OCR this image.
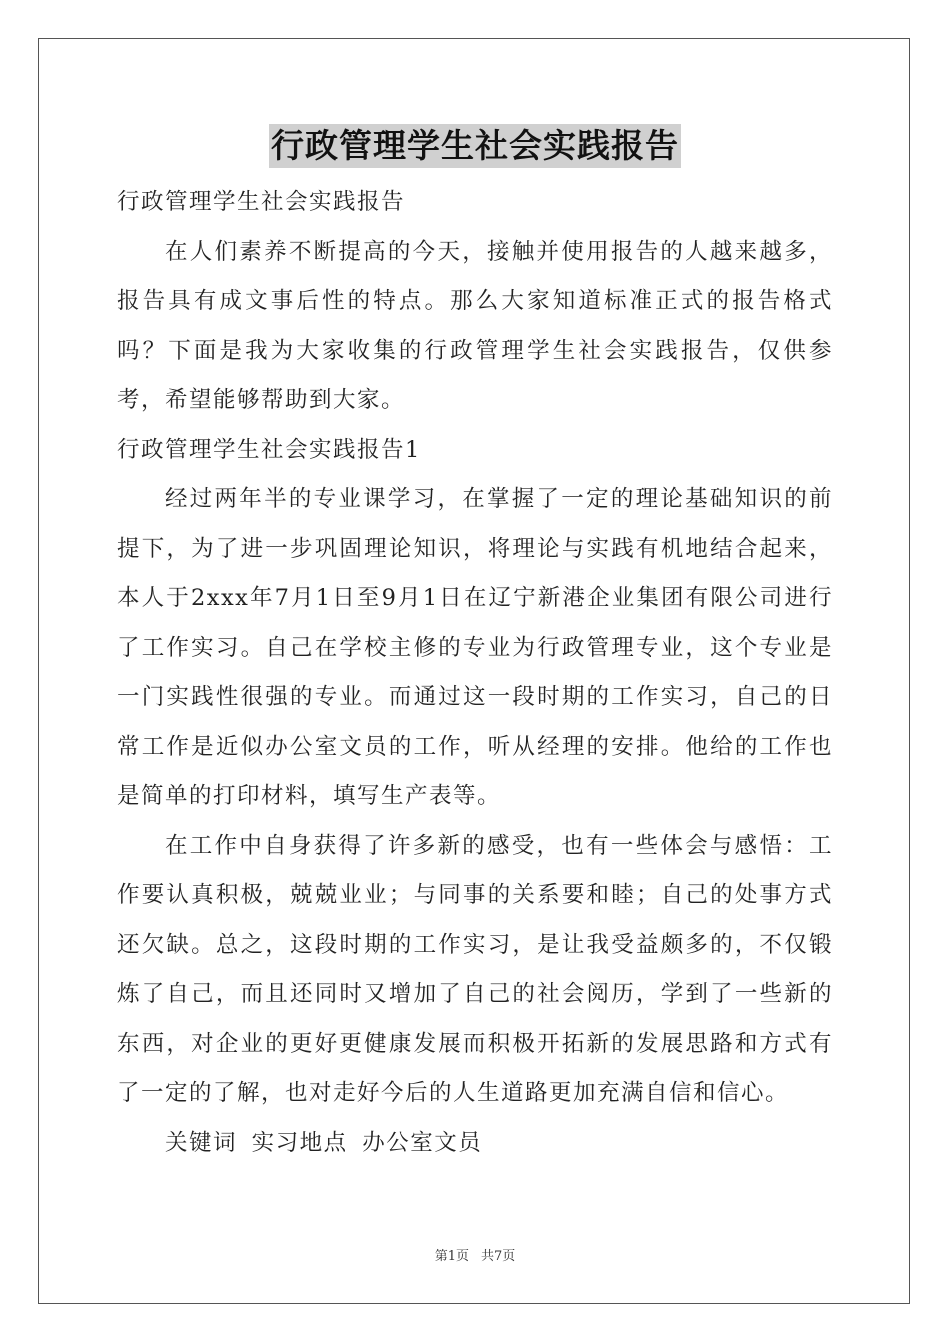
行政管理学生社会实践报告

行政管理学生社会实践报告

在人们素养不断提高的今天，接触并使用报告的人越来越多，报告具有成文事后性的特点。那么大家知道标准正式的报告格式吗？下面是我为大家收集的行政管理学生社会实践报告，仅供参考，希望能够帮助到大家。

行政管理学生社会实践报告1

经过两年半的专业课学习，在掌握了一定的理论基础知识的前提下，为了进一步巩固理论知识，将理论与实践有机地结合起来，本人于2xxx年7月1日至9月1日在辽宁新港企业集团有限公司进行了工作实习。自己在学校主修的专业为行政管理专业，这个专业是一门实践性很强的专业。而通过这一段时期的工作实习，自己的日常工作是近似办公室文员的工作，听从经理的安排。他给的工作也是简单的打印材料，填写生产表等。

在工作中自身获得了许多新的感受，也有一些体会与感悟：工作要认真积极，兢兢业业；与同事的关系要和睦；自己的处事方式还欠缺。总之，这段时期的工作实习，是让我受益颇多的，不仅锻炼了自己，而且还同时又增加了自己的社会阅历，学到了一些新的东西，对企业的更好更健康发展而积极开拓新的发展思路和方式有了一定的了解，也对走好今后的人生道路更加充满自信和信心。

关键词 实习地点 办公室文员

第1页 共7页
